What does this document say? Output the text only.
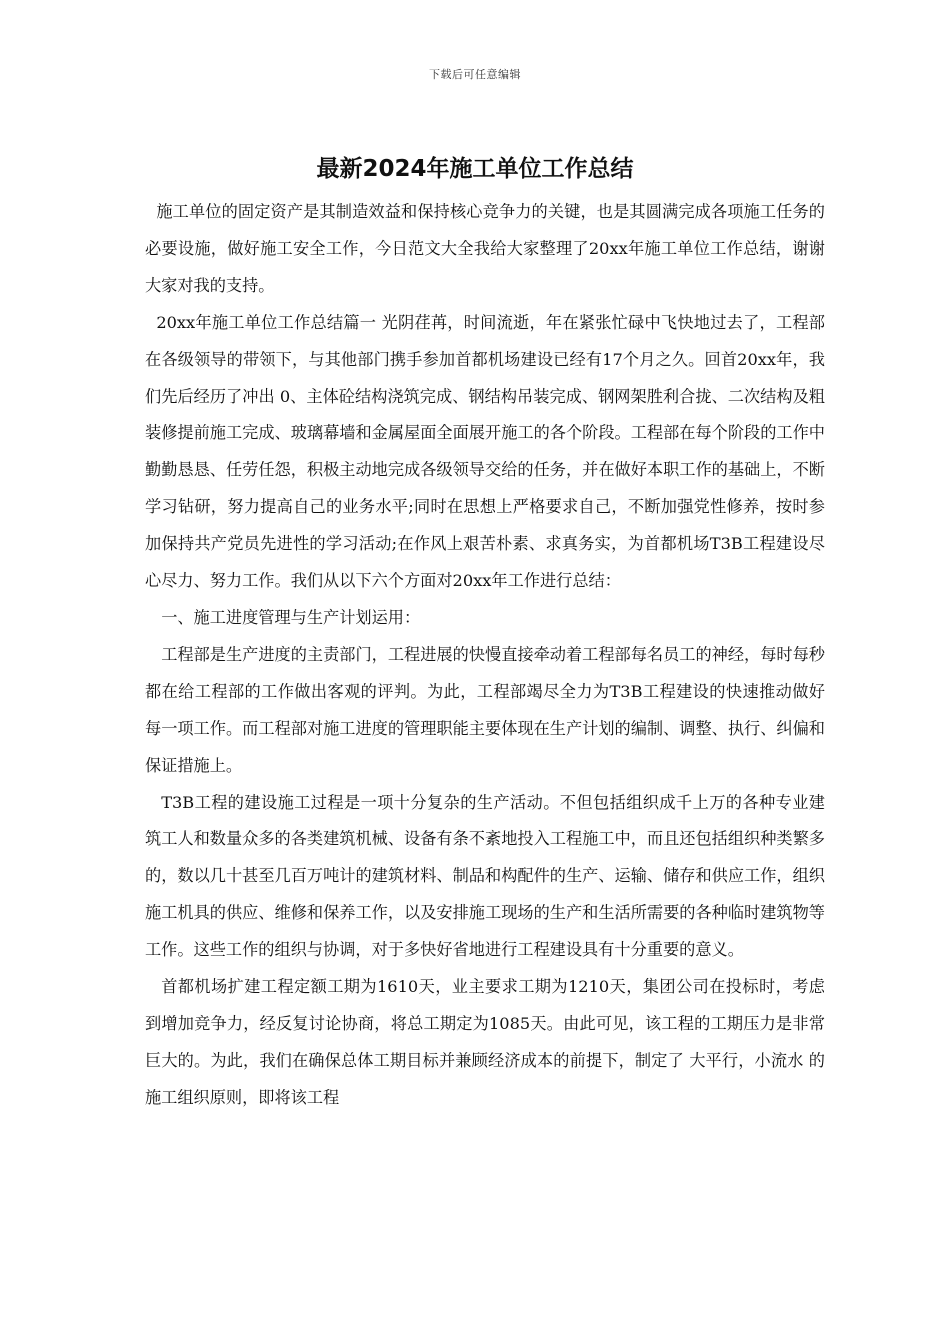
下载后可任意编辑
最新2024年施工单位工作总结

施工单位的固定资产是其制造效益和保持核心竞争力的关键，也是其圆满完成各项施工任务的必要设施，做好施工安全工作，今日范文大全我给大家整理了20xx年施工单位工作总结，谢谢大家对我的支持。

20xx年施工单位工作总结篇一 光阴荏苒，时间流逝，年在紧张忙碌中飞快地过去了，工程部在各级领导的带领下，与其他部门携手参加首都机场建设已经有17个月之久。回首20xx年，我们先后经历了冲出 0、主体砼结构浇筑完成、钢结构吊装完成、钢网架胜利合拢、二次结构及粗装修提前施工完成、玻璃幕墙和金属屋面全面展开施工的各个阶段。工程部在每个阶段的工作中勤勤恳恳、任劳任怨，积极主动地完成各级领导交给的任务，并在做好本职工作的基础上，不断学习钻研，努力提高自己的业务水平;同时在思想上严格要求自己，不断加强党性修养，按时参加保持共产党员先进性的学习活动;在作风上艰苦朴素、求真务实，为首都机场T3B工程建设尽心尽力、努力工作。我们从以下六个方面对20xx年工作进行总结：

一、施工进度管理与生产计划运用：

工程部是生产进度的主责部门，工程进展的快慢直接牵动着工程部每名员工的神经，每时每秒都在给工程部的工作做出客观的评判。为此，工程部竭尽全力为T3B工程建设的快速推动做好每一项工作。而工程部对施工进度的管理职能主要体现在生产计划的编制、调整、执行、纠偏和保证措施上。

T3B工程的建设施工过程是一项十分复杂的生产活动。不但包括组织成千上万的各种专业建筑工人和数量众多的各类建筑机械、设备有条不紊地投入工程施工中，而且还包括组织种类繁多的，数以几十甚至几百万吨计的建筑材料、制品和构配件的生产、运输、储存和供应工作，组织施工机具的供应、维修和保养工作，以及安排施工现场的生产和生活所需要的各种临时建筑物等工作。这些工作的组织与协调，对于多快好省地进行工程建设具有十分重要的意义。

首都机场扩建工程定额工期为1610天，业主要求工期为1210天，集团公司在投标时，考虑到增加竞争力，经反复讨论协商，将总工期定为1085天。由此可见，该工程的工期压力是非常巨大的。为此，我们在确保总体工期目标并兼顾经济成本的前提下，制定了 大平行，小流水 的施工组织原则，即将该工程
